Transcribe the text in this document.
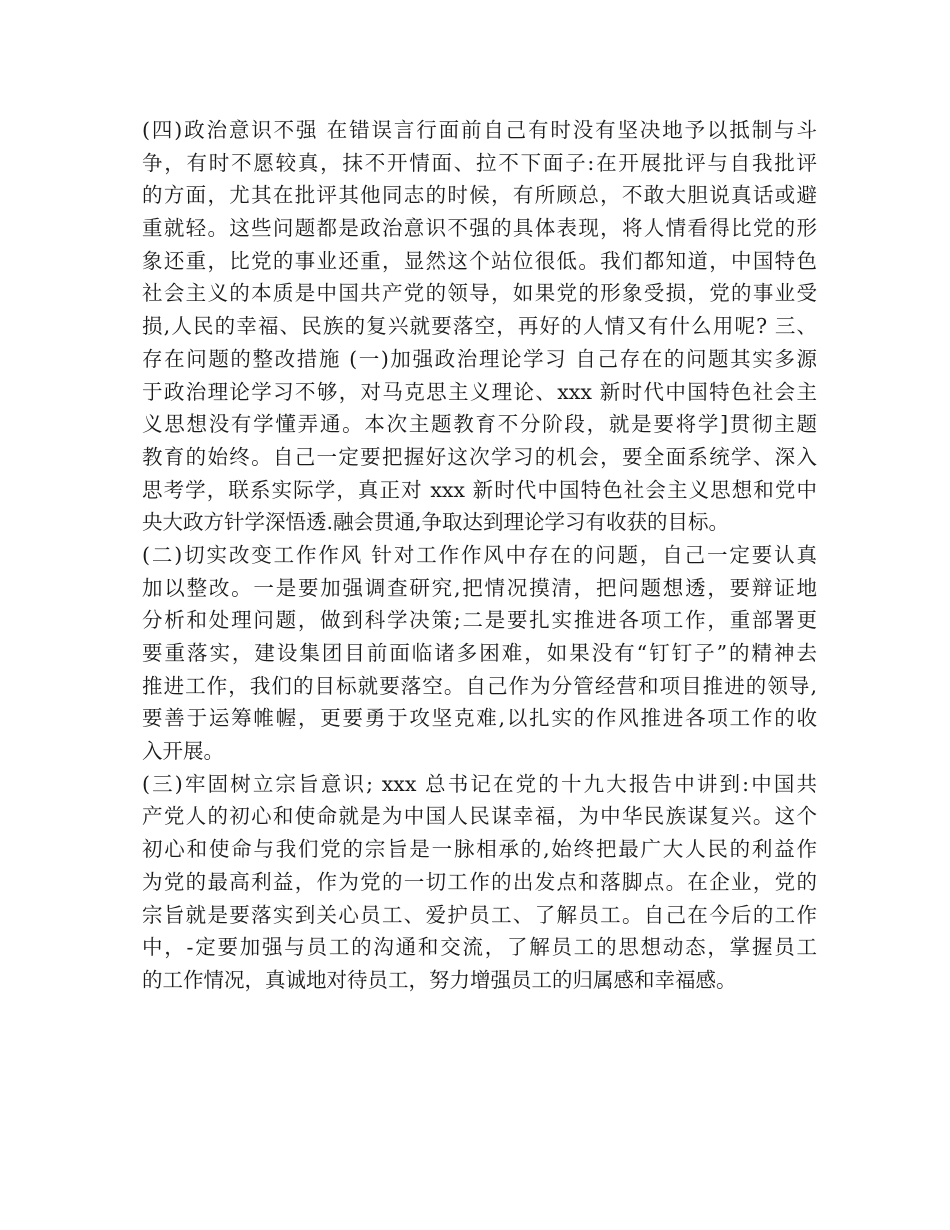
(四)政治意识不强 在错误言行面前自己有时没有坚决地予以抵制与斗
争，有时不愿较真，抹不开情面、拉不下面子:在开展批评与自我批评
的方面，尤其在批评其他同志的时候，有所顾总，不敢大胆说真话或避
重就轻。这些问题都是政治意识不强的具体表现，将人情看得比党的形
象还重，比党的事业还重，显然这个站位很低。我们都知道，中国特色
社会主义的本质是中国共产党的领导，如果党的形象受损，党的事业受
损,人民的幸福、民族的复兴就要落空，再好的人情又有什么用呢? 三、
存在问题的整改措施 (一)加强政治理论学习 自己存在的问题其实多源
于政治理论学习不够，对马克思主义理论、xxx 新时代中国特色社会主
义思想没有学懂弄通。本次主题教育不分阶段，就是要将学]贯彻主题
教育的始终。自己一定要把握好这次学习的机会，要全面系统学、深入
思考学，联系实际学，真正对 xxx 新时代中国特色社会主义思想和党中
央大政方针学深悟透.融会贯通,争取达到理论学习有收获的目标。
(二)切实改变工作作风 针对工作作风中存在的问题，自己一定要认真
加以整改。一是要加强调查研究,把情况摸清，把问题想透，要辩证地
分析和处理问题，做到科学决策;二是要扎实推进各项工作，重部署更
要重落实，建设集团目前面临诸多困难，如果没有“钉钉子”的精神去
推进工作，我们的目标就要落空。自己作为分管经营和项目推进的领导,
要善于运筹帷幄，更要勇于攻坚克难,以扎实的作风推进各项工作的收
入开展。
(三)牢固树立宗旨意识; xxx 总书记在党的十九大报告中讲到:中国共
产党人的初心和使命就是为中国人民谋幸福，为中华民族谋复兴。这个
初心和使命与我们党的宗旨是一脉相承的,始终把最广大人民的利益作
为党的最高利益，作为党的一切工作的出发点和落脚点。在企业，党的
宗旨就是要落实到关心员工、爱护员工、了解员工。自己在今后的工作
中，-定要加强与员工的沟通和交流，了解员工的思想动态，掌握员工
的工作情况，真诚地对待员工，努力增强员工的归属感和幸福感。
